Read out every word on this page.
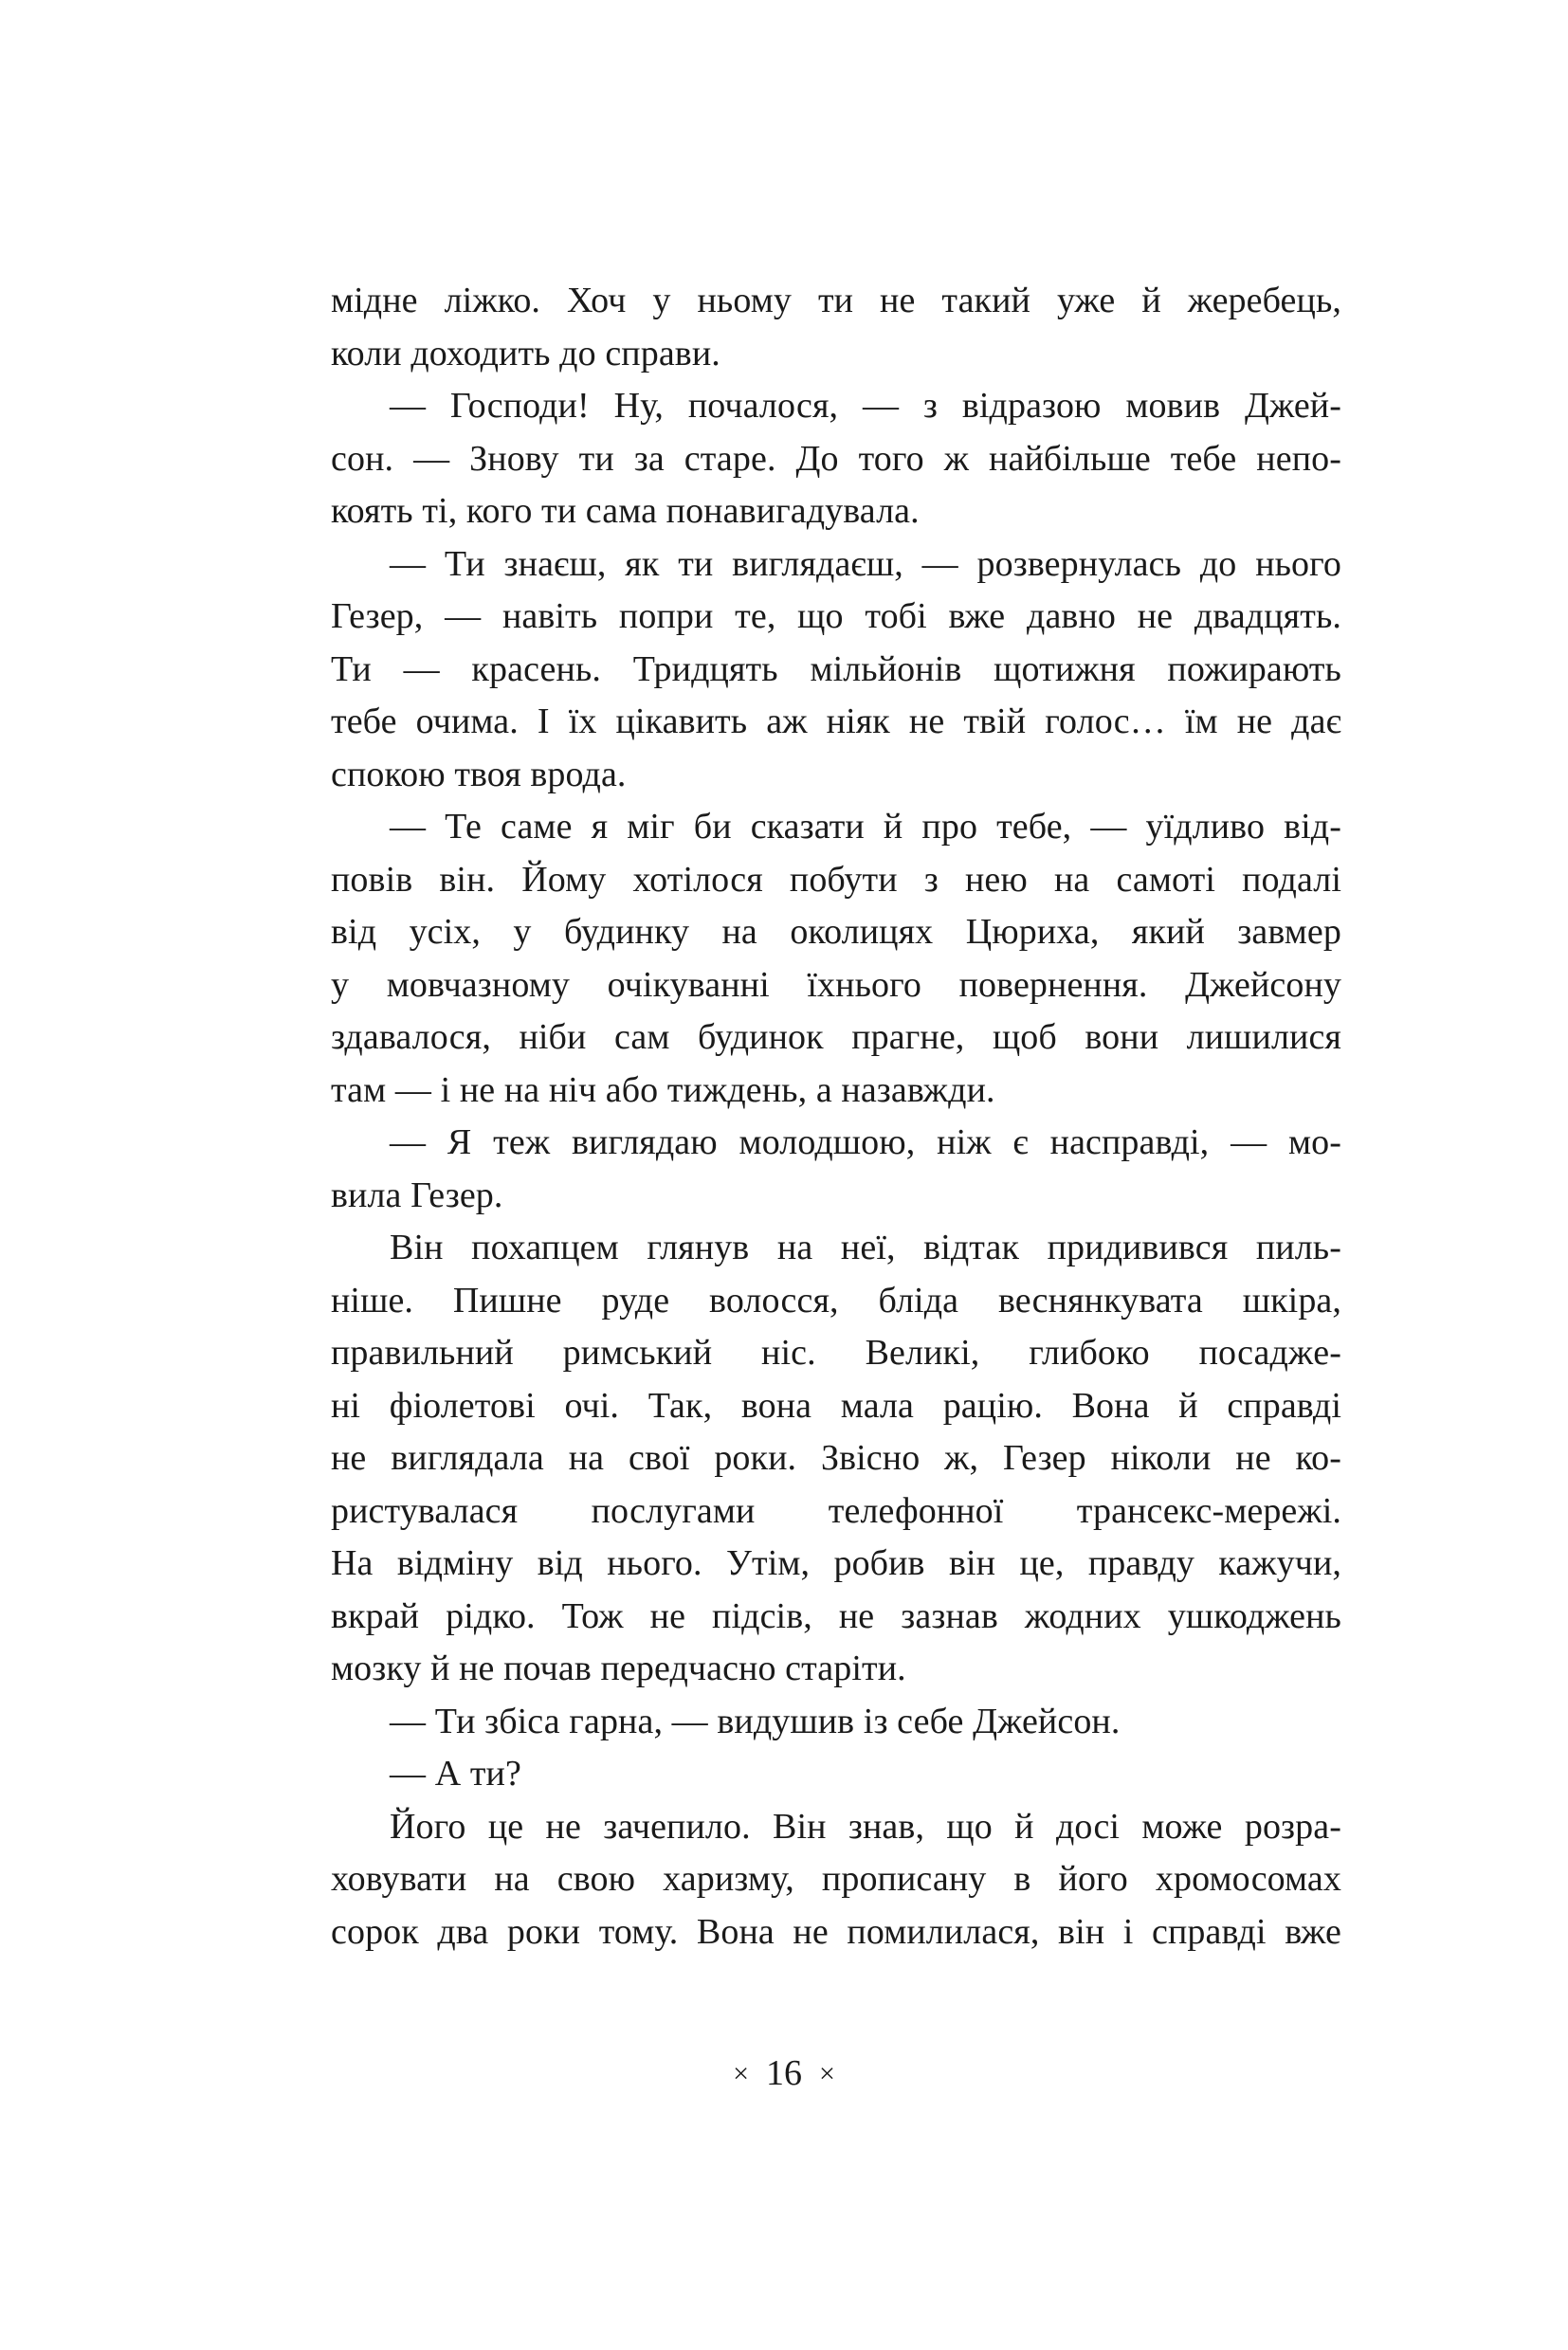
мідне ліжко. Хоч у ньому ти не такий уже й жеребець,
коли доходить до справи.
— Господи! Ну, почалося, — з відразою мовив Джей-
сон. — Знову ти за старе. До того ж найбільше тебе непо-
коять ті, кого ти сама понавигадувала.
— Ти знаєш, як ти виглядаєш, — розвернулась до нього
Гезер, — навіть попри те, що тобі вже давно не двадцять.
Ти — красень. Тридцять мільйонів щотижня пожирають
тебе очима. І їх цікавить аж ніяк не твій голос… їм не дає
спокою твоя врода.
— Те саме я міг би сказати й про тебе, — уїдливо від-
повів він. Йому хотілося побути з нею на самоті подалі
від усіх, у будинку на околицях Цюриха, який завмер
у мовчазному очікуванні їхнього повернення. Джейсону
здавалося, ніби сам будинок прагне, щоб вони лишилися
там — і не на ніч або тиждень, а назавжди.
— Я теж виглядаю молодшою, ніж є насправді, — мо-
вила Гезер.
Він похапцем глянув на неї, відтак придивився пиль-
ніше. Пишне руде волосся, бліда веснянкувата шкіра,
правильний римський ніс. Великі, глибоко посаджe-
ні фіолетові очі. Так, вона мала рацію. Вона й справді
не виглядала на свої роки. Звісно ж, Гезер ніколи не ко-
ристувалася послугами телефонної трансекс-мережі.
На відміну від нього. Утім, робив він це, правду кажучи,
вкрай рідко. Тож не підсів, не зазнав жодних ушкоджень
мозку й не почав передчасно старіти.
— Ти збіса гарна, — видушив із себе Джейсон.
— А ти?
Його це не зачепило. Він знав, що й досі може розра-
ховувати на свою харизму, прописану в його хромосомах
сорок два роки тому. Вона не помилилася, він і справді вже
× 16 ×
